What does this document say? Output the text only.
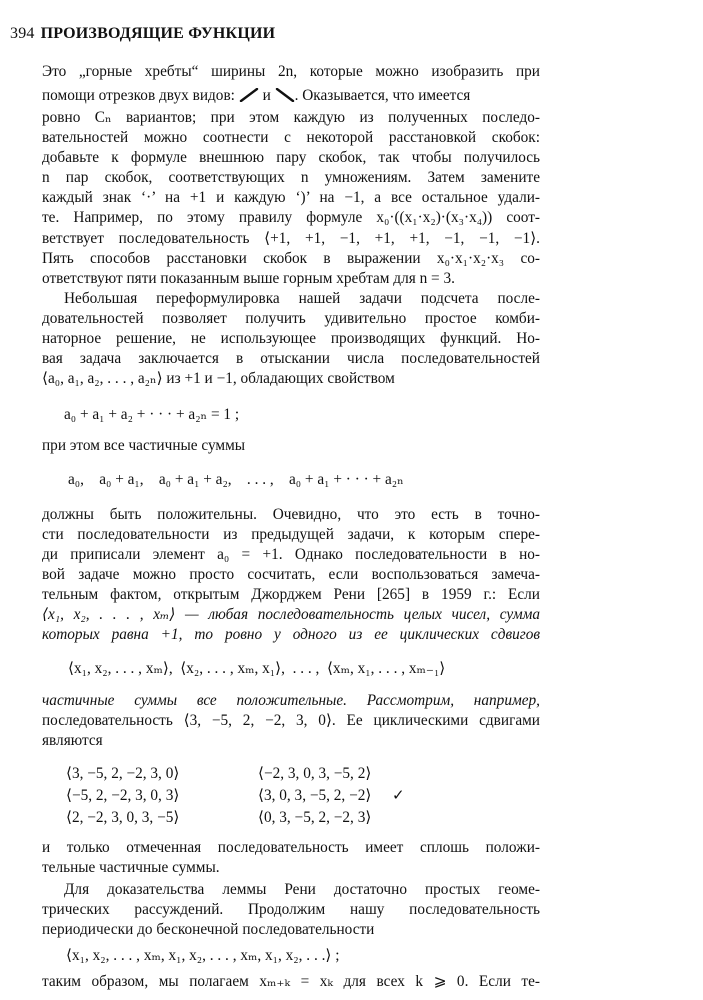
394 ПРОИЗВОДЯЩИЕ ФУНКЦИИ
Это „горные хребты“ ширины 2n, которые можно изобразить при
помощи отрезков двух видов: и . Оказывается, что имеется
ровно Cₙ вариантов; при этом каждую из полученных последо-
вательностей можно соотнести с некоторой расстановкой скобок:
добавьте к формуле внешнюю пару скобок, так чтобы получилось
n пар скобок, соответствующих n умножениям. Затем замените
каждый знак ‘·’ на +1 и каждую ‘)’ на −1, а все остальное удали-
те. Например, по этому правилу формуле x₀·((x₁·x₂)·(x₃·x₄)) соот-
ветствует последовательность ⟨+1, +1, −1, +1, +1, −1, −1, −1⟩.
Пять способов расстановки скобок в выражении x₀·x₁·x₂·x₃ со-
ответствуют пяти показанным выше горным хребтам для n = 3.
Небольшая переформулировка нашей задачи подсчета после-
довательностей позволяет получить удивительно простое комби-
наторное решение, не использующее производящих функций. Но-
вая задача заключается в отыскании числа последовательностей
⟨a₀, a₁, a₂, . . . , a₂ₙ⟩ из +1 и −1, обладающих свойством
a₀ + a₁ + a₂ + · · · + a₂ₙ = 1 ;
при этом все частичные суммы
a₀,    a₀ + a₁,    a₀ + a₁ + a₂,    . . . ,    a₀ + a₁ + · · · + a₂ₙ
должны быть положительны. Очевидно, что это есть в точно-
сти последовательности из предыдущей задачи, к которым спере-
ди приписали элемент a₀ = +1. Однако последовательности в но-
вой задаче можно просто сосчитать, если воспользоваться замеча-
тельным фактом, открытым Джорджем Рени [265] в 1959 г.: Если
⟨x₁, x₂, . . . , xₘ⟩ — любая последовательность целых чисел, сумма
которых равна +1, то ровно у одного из ее циклических сдвигов
⟨x₁, x₂, . . . , xₘ⟩,  ⟨x₂, . . . , xₘ, x₁⟩,  . . . ,  ⟨xₘ, x₁, . . . , xₘ₋₁⟩
частичные суммы все положительные. Рассмотрим, например,
последовательность ⟨3, −5, 2, −2, 3, 0⟩. Ее циклическими сдвигами
являются
⟨3, −5, 2, −2, 3, 0⟩
⟨−5, 2, −2, 3, 0, 3⟩
⟨2, −2, 3, 0, 3, −5⟩
⟨−2, 3, 0, 3, −5, 2⟩
⟨3, 0, 3, −5, 2, −2⟩
⟨0, 3, −5, 2, −2, 3⟩
✓
и только отмеченная последовательность имеет сплошь положи-
тельные частичные суммы.
Для доказательства леммы Рени достаточно простых геоме-
трических рассуждений. Продолжим нашу последовательность
периодически до бесконечной последовательности
⟨x₁, x₂, . . . , xₘ, x₁, x₂, . . . , xₘ, x₁, x₂, . . .⟩ ;
таким образом, мы полагаем xₘ₊ₖ = xₖ для всех k ⩾ 0. Если те-
